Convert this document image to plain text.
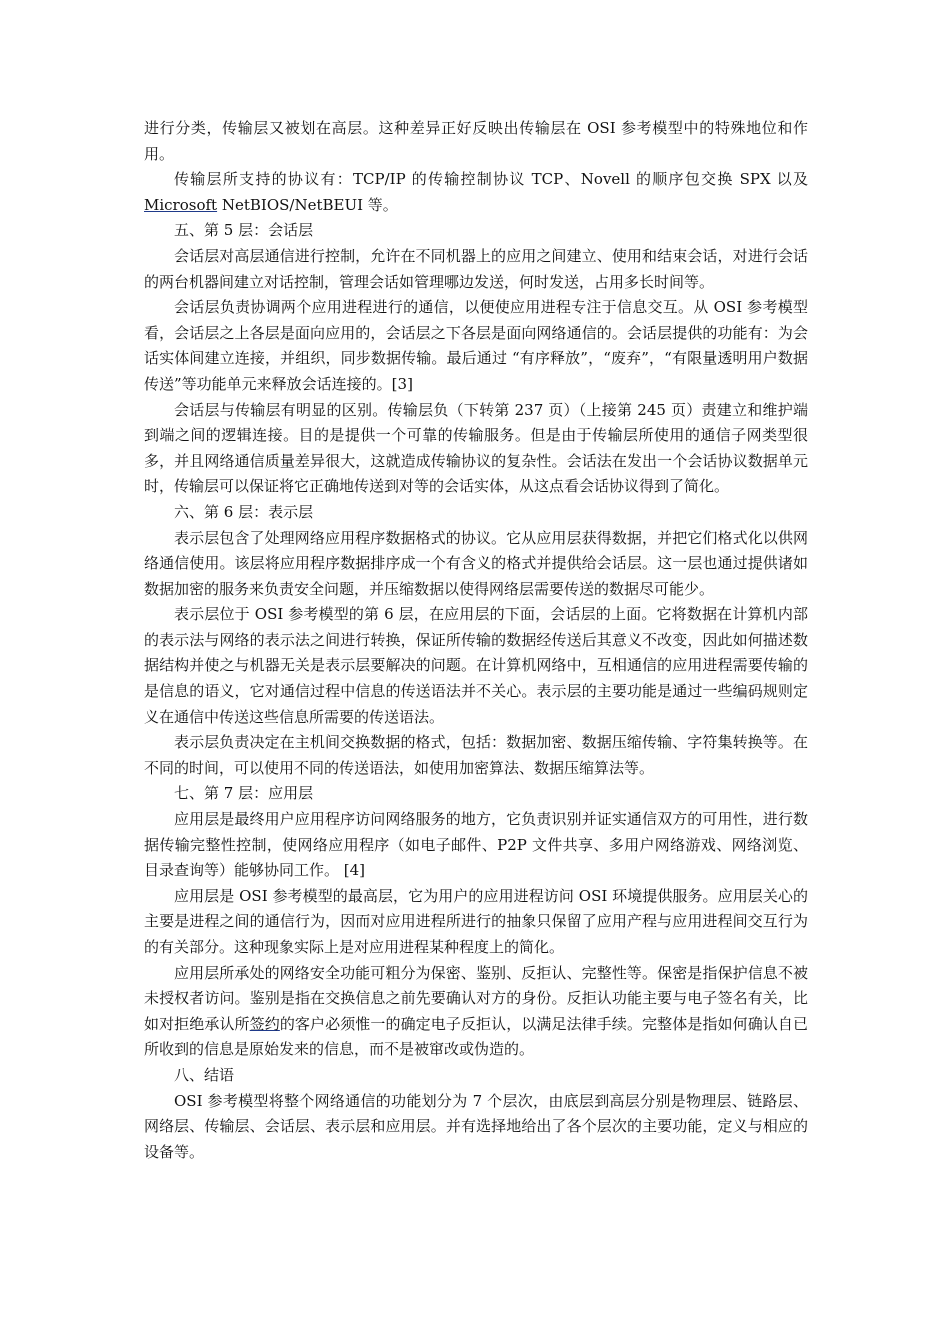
进行分类，传输层又被划在高层。这种差异正好反映出传输层在 OSI 参考模型中的特殊地位和作用。

传输层所支持的协议有：TCP/IP 的传输控制协议 TCP、Novell 的顺序包交换 SPX 以及 Microsoft NetBIOS/NetBEUI 等。

五、第 5 层：会话层

会话层对高层通信进行控制，允许在不同机器上的应用之间建立、使用和结束会话，对进行会话的两台机器间建立对话控制，管理会话如管理哪边发送，何时发送，占用多长时间等。

会话层负责协调两个应用进程进行的通信，以便使应用进程专注于信息交互。从 OSI 参考模型看，会话层之上各层是面向应用的，会话层之下各层是面向网络通信的。会话层提供的功能有：为会话实体间建立连接，并组织，同步数据传输。最后通过 “有序释放”，“废弃”，“有限量透明用户数据传送”等功能单元来释放会话连接的。[3]

会话层与传输层有明显的区别。传输层负（下转第 237 页）（上接第 245 页）责建立和维护端到端之间的逻辑连接。目的是提供一个可靠的传输服务。但是由于传输层所使用的通信子网类型很多，并且网络通信质量差异很大，这就造成传输协议的复杂性。会话法在发出一个会话协议数据单元时，传输层可以保证将它正确地传送到对等的会话实体，从这点看会话协议得到了简化。

六、第 6 层：表示层

表示层包含了处理网络应用程序数据格式的协议。它从应用层获得数据，并把它们格式化以供网络通信使用。该层将应用程序数据排序成一个有含义的格式并提供给会话层。这一层也通过提供诸如数据加密的服务来负责安全问题，并压缩数据以使得网络层需要传送的数据尽可能少。

表示层位于 OSI 参考模型的第 6 层，在应用层的下面，会话层的上面。它将数据在计算机内部的表示法与网络的表示法之间进行转换，保证所传输的数据经传送后其意义不改变，因此如何描述数据结构并使之与机器无关是表示层要解决的问题。在计算机网络中，互相通信的应用进程需要传输的是信息的语义，它对通信过程中信息的传送语法并不关心。表示层的主要功能是通过一些编码规则定义在通信中传送这些信息所需要的传送语法。

表示层负责决定在主机间交换数据的格式，包括：数据加密、数据压缩传输、字符集转换等。在不同的时间，可以使用不同的传送语法，如使用加密算法、数据压缩算法等。

七、第 7 层：应用层

应用层是最终用户应用程序访问网络服务的地方，它负责识别并证实通信双方的可用性，进行数据传输完整性控制，使网络应用程序（如电子邮件、P2P 文件共享、多用户网络游戏、网络浏览、目录查询等）能够协同工作。 [4]

应用层是 OSI 参考模型的最高层，它为用户的应用进程访问 OSI 环境提供服务。应用层关心的主要是进程之间的通信行为，因而对应用进程所进行的抽象只保留了应用产程与应用进程间交互行为的有关部分。这种现象实际上是对应用进程某种程度上的简化。

应用层所承处的网络安全功能可粗分为保密、鉴别、反拒认、完整性等。保密是指保护信息不被未授权者访问。鉴别是指在交换信息之前先要确认对方的身份。反拒认功能主要与电子签名有关，比如对拒绝承认所签约的客户必须惟一的确定电子反拒认，以满足法律手续。完整体是指如何确认自已所收到的信息是原始发来的信息，而不是被窜改或伪造的。

八、结语

OSI 参考模型将整个网络通信的功能划分为 7 个层次，由底层到高层分别是物理层、链路层、网络层、传输层、会话层、表示层和应用层。并有选择地给出了各个层次的主要功能，定义与相应的设备等。
